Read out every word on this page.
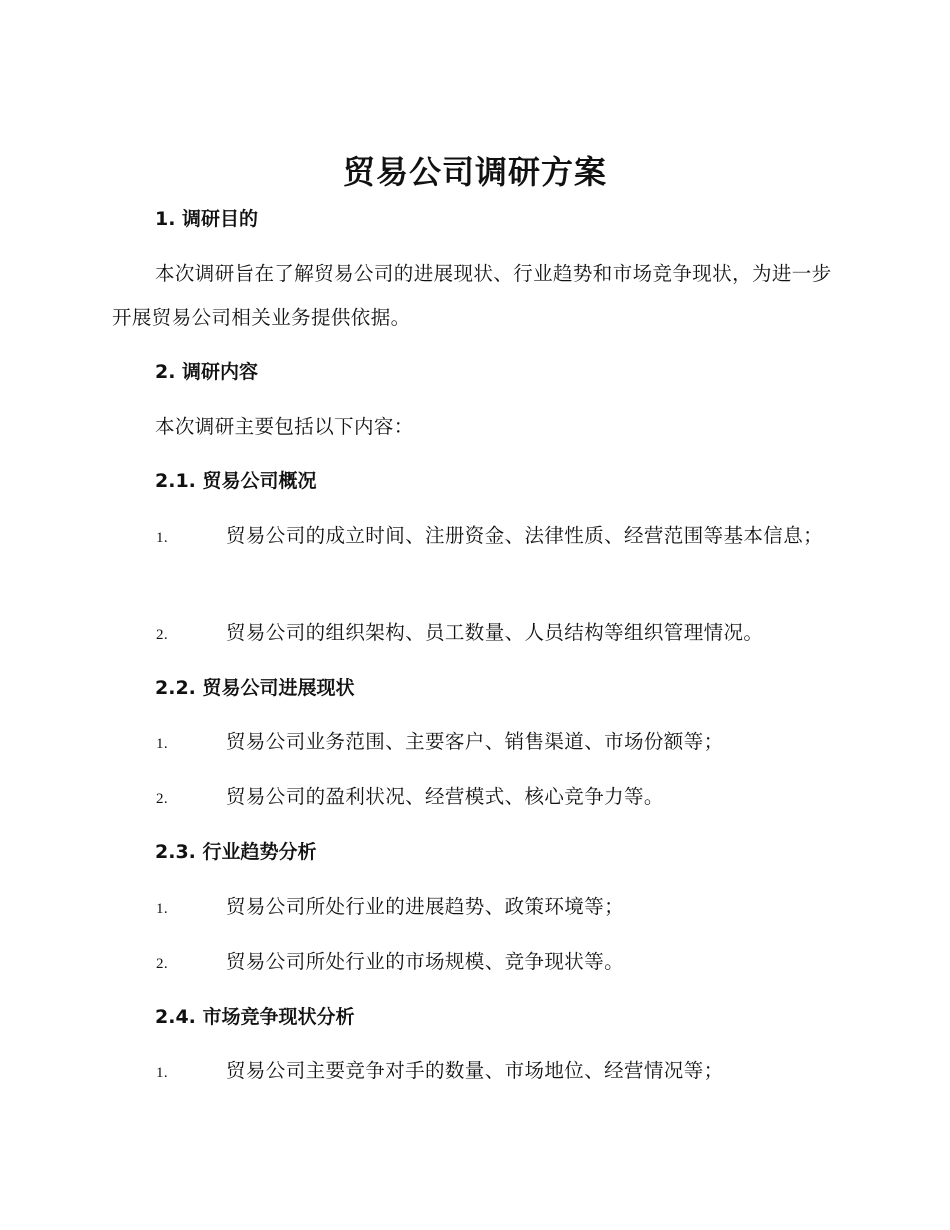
贸易公司调研方案
1. 调研目的
本次调研旨在了解贸易公司的进展现状、行业趋势和市场竞争现状，为进一步开展贸易公司相关业务提供依据。
2. 调研内容
本次调研主要包括以下内容：
2.1. 贸易公司概况
1.	贸易公司的成立时间、注册资金、法律性质、经营范围等基本信息；
2.	贸易公司的组织架构、员工数量、人员结构等组织管理情况。
2.2. 贸易公司进展现状
1.	贸易公司业务范围、主要客户、销售渠道、市场份额等；
2.	贸易公司的盈利状况、经营模式、核心竞争力等。
2.3. 行业趋势分析
1.	贸易公司所处行业的进展趋势、政策环境等；
2.	贸易公司所处行业的市场规模、竞争现状等。
2.4. 市场竞争现状分析
1.	贸易公司主要竞争对手的数量、市场地位、经营情况等；
